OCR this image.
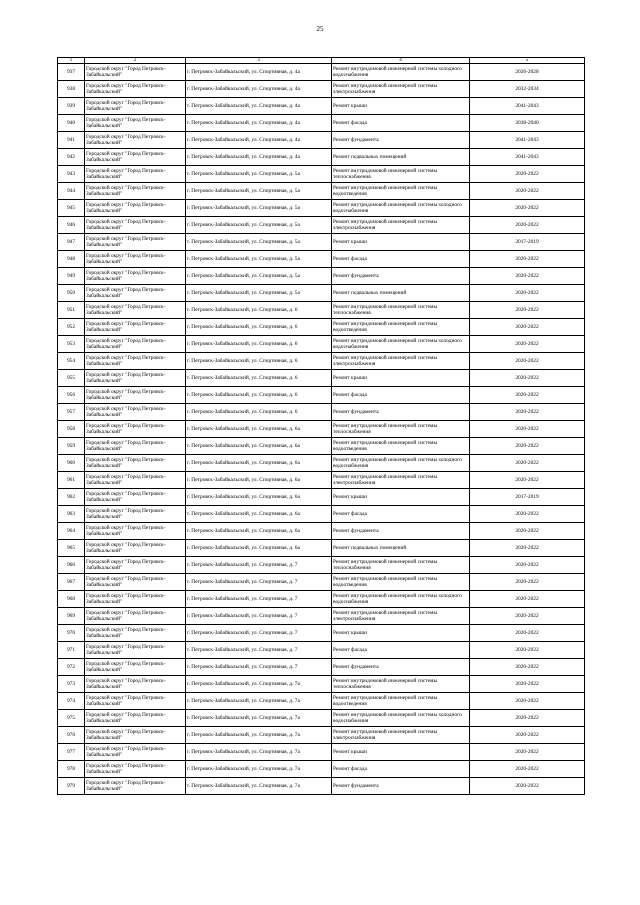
25
1	2	3	4	5
937	Городской округ "Город Петровск-Забайкальский"	г. Петровск-Забайкальский, ул. Спортивная, д. 4а	Ремонт внутридомовой инженерной системы холодного водоснабжения	2026-2028
938	Городской округ "Город Петровск-Забайкальский"	г. Петровск-Забайкальский, ул. Спортивная, д. 4а	Ремонт внутридомовой инженерной системы электроснабжения	2032-2034
939	Городской округ "Город Петровск-Забайкальский"	г. Петровск-Забайкальский, ул. Спортивная, д. 4а	Ремонт крыши	2041-2043
940	Городской округ "Город Петровск-Забайкальский"	г. Петровск-Забайкальский, ул. Спортивная, д. 4а	Ремонт фасада	2038-2040
941	Городской округ "Город Петровск-Забайкальский"	г. Петровск-Забайкальский, ул. Спортивная, д. 4а	Ремонт фундамента	2041-2043
942	Городской округ "Город Петровск-Забайкальский"	г. Петровск-Забайкальский, ул. Спортивная, д. 4а	Ремонт подвальных помещений	2041-2043
943	Городской округ "Город Петровск-Забайкальский"	г. Петровск-Забайкальский, ул. Спортивная, д. 5а	Ремонт внутридомовой инженерной системы теплоснабжения	2020-2022
944	Городской округ "Город Петровск-Забайкальский"	г. Петровск-Забайкальский, ул. Спортивная, д. 5а	Ремонт внутридомовой инженерной системы водоотведения	2020-2022
945	Городской округ "Город Петровск-Забайкальский"	г. Петровск-Забайкальский, ул. Спортивная, д. 5а	Ремонт внутридомовой инженерной системы холодного водоснабжения	2020-2022
946	Городской округ "Город Петровск-Забайкальский"	г. Петровск-Забайкальский, ул. Спортивная, д. 5а	Ремонт внутридомовой инженерной системы электроснабжения	2020-2022
947	Городской округ "Город Петровск-Забайкальский"	г. Петровск-Забайкальский, ул. Спортивная, д. 5а	Ремонт крыши	2017-2019
948	Городской округ "Город Петровск-Забайкальский"	г. Петровск-Забайкальский, ул. Спортивная, д. 5а	Ремонт фасада	2020-2022
949	Городской округ "Город Петровск-Забайкальский"	г. Петровск-Забайкальский, ул. Спортивная, д. 5а	Ремонт фундамента	2020-2022
950	Городской округ "Город Петровск-Забайкальский"	г. Петровск-Забайкальский, ул. Спортивная, д. 5а	Ремонт подвальных помещений	2020-2022
951	Городской округ "Город Петровск-Забайкальский"	г. Петровск-Забайкальский, ул. Спортивная, д. 6	Ремонт внутридомовой инженерной системы теплоснабжения	2020-2022
952	Городской округ "Город Петровск-Забайкальский"	г. Петровск-Забайкальский, ул. Спортивная, д. 6	Ремонт внутридомовой инженерной системы водоотведения	2020-2022
953	Городской округ "Город Петровск-Забайкальский"	г. Петровск-Забайкальский, ул. Спортивная, д. 6	Ремонт внутридомовой инженерной системы холодного водоснабжения	2020-2022
954	Городской округ "Город Петровск-Забайкальский"	г. Петровск-Забайкальский, ул. Спортивная, д. 6	Ремонт внутридомовой инженерной системы электроснабжения	2020-2022
955	Городской округ "Город Петровск-Забайкальский"	г. Петровск-Забайкальский, ул. Спортивная, д. 6	Ремонт крыши	2020-2022
956	Городской округ "Город Петровск-Забайкальский"	г. Петровск-Забайкальский, ул. Спортивная, д. 6	Ремонт фасада	2020-2022
957	Городской округ "Город Петровск-Забайкальский"	г. Петровск-Забайкальский, ул. Спортивная, д. 6	Ремонт фундамента	2020-2022
958	Городской округ "Город Петровск-Забайкальский"	г. Петровск-Забайкальский, ул. Спортивная, д. 6а	Ремонт внутридомовой инженерной системы теплоснабжения	2020-2022
959	Городской округ "Город Петровск-Забайкальский"	г. Петровск-Забайкальский, ул. Спортивная, д. 6а	Ремонт внутридомовой инженерной системы водоотведения	2020-2022
960	Городской округ "Город Петровск-Забайкальский"	г. Петровск-Забайкальский, ул. Спортивная, д. 6а	Ремонт внутридомовой инженерной системы холодного водоснабжения	2020-2022
961	Городской округ "Город Петровск-Забайкальский"	г. Петровск-Забайкальский, ул. Спортивная, д. 6а	Ремонт внутридомовой инженерной системы электроснабжения	2020-2022
962	Городской округ "Город Петровск-Забайкальский"	г. Петровск-Забайкальский, ул. Спортивная, д. 6а	Ремонт крыши	2017-2019
963	Городской округ "Город Петровск-Забайкальский"	г. Петровск-Забайкальский, ул. Спортивная, д. 6а	Ремонт фасада	2020-2022
964	Городской округ "Город Петровск-Забайкальский"	г. Петровск-Забайкальский, ул. Спортивная, д. 6а	Ремонт фундамента	2020-2022
965	Городской округ "Город Петровск-Забайкальский"	г. Петровск-Забайкальский, ул. Спортивная, д. 6а	Ремонт подвальных помещений	2020-2022
966	Городской округ "Город Петровск-Забайкальский"	г. Петровск-Забайкальский, ул. Спортивная, д. 7	Ремонт внутридомовой инженерной системы теплоснабжения	2020-2022
967	Городской округ "Город Петровск-Забайкальский"	г. Петровск-Забайкальский, ул. Спортивная, д. 7	Ремонт внутридомовой инженерной системы водоотведения	2020-2022
968	Городской округ "Город Петровск-Забайкальский"	г. Петровск-Забайкальский, ул. Спортивная, д. 7	Ремонт внутридомовой инженерной системы холодного водоснабжения	2020-2022
969	Городской округ "Город Петровск-Забайкальский"	г. Петровск-Забайкальский, ул. Спортивная, д. 7	Ремонт внутридомовой инженерной системы электроснабжения	2020-2022
970	Городской округ "Город Петровск-Забайкальский"	г. Петровск-Забайкальский, ул. Спортивная, д. 7	Ремонт крыши	2020-2022
971	Городской округ "Город Петровск-Забайкальский"	г. Петровск-Забайкальский, ул. Спортивная, д. 7	Ремонт фасада	2020-2022
972	Городской округ "Город Петровск-Забайкальский"	г. Петровск-Забайкальский, ул. Спортивная, д. 7	Ремонт фундамента	2020-2022
973	Городской округ "Город Петровск-Забайкальский"	г. Петровск-Забайкальский, ул. Спортивная, д. 7а	Ремонт внутридомовой инженерной системы теплоснабжения	2020-2022
974	Городской округ "Город Петровск-Забайкальский"	г. Петровск-Забайкальский, ул. Спортивная, д. 7а	Ремонт внутридомовой инженерной системы водоотведения	2020-2022
975	Городской округ "Город Петровск-Забайкальский"	г. Петровск-Забайкальский, ул. Спортивная, д. 7а	Ремонт внутридомовой инженерной системы холодного водоснабжения	2020-2022
976	Городской округ "Город Петровск-Забайкальский"	г. Петровск-Забайкальский, ул. Спортивная, д. 7а	Ремонт внутридомовой инженерной системы электроснабжения	2020-2022
977	Городской округ "Город Петровск-Забайкальский"	г. Петровск-Забайкальский, ул. Спортивная, д. 7а	Ремонт крыши	2020-2022
978	Городской округ "Город Петровск-Забайкальский"	г. Петровск-Забайкальский, ул. Спортивная, д. 7а	Ремонт фасада	2020-2022
979	Городской округ "Город Петровск-Забайкальский"	г. Петровск-Забайкальский, ул. Спортивная, д. 7а	Ремонт фундамента	2020-2022
